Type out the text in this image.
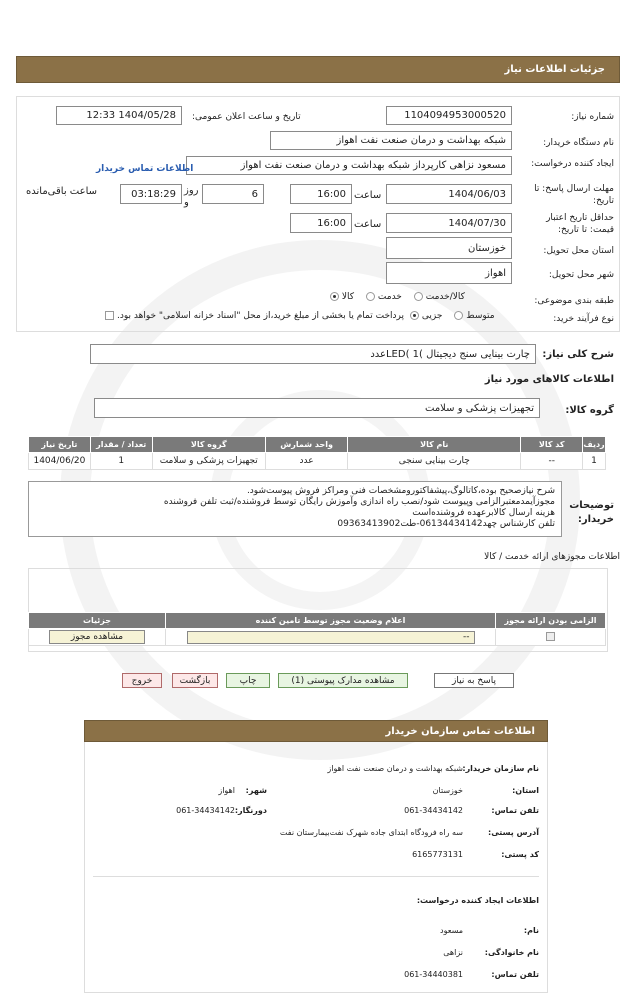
جزئیات اطلاعات نیاز
شماره نیاز:
1104094953000520
تاریخ و ساعت اعلان عمومی:
1404/05/28 12:33
نام دستگاه خریدار:
شبکه بهداشت و درمان صنعت نفت اهواز
ایجاد کننده درخواست:
مسعود نزاهی کارپرداز شبکه بهداشت و درمان صنعت نفت اهواز
اطلاعات تماس خریدار
مهلت ارسال پاسخ: تا تاریخ:
1404/06/03
ساعت
16:00
6
روز
و
03:18:29
ساعت باقی‌مانده
حداقل تاریخ اعتبار قیمت: تا تاریخ:
1404/07/30
ساعت
16:00
استان محل تحویل:
خوزستان
شهر محل تحویل:
اهواز
طبقه بندی موضوعی:
کالا/خدمت
خدمت
کالا
نوع فرآیند خرید:
متوسط
جزیی
پرداخت تمام یا بخشی از مبلغ خرید،از محل "اسناد خزانه اسلامی" خواهد بود.
شرح کلی نیاز:
چارت بینایی سنج دیجیتال )LED( 1عدد
اطلاعات کالاهای مورد نیاز
گروه کالا:
تجهیزات پزشکی و سلامت
ردیف	کد کالا	نام کالا	واحد شمارش	گروه کالا	تعداد / مقدار	تاریخ نیاز
1	--	چارت بینایی سنجی	عدد	تجهیزات پزشکی و سلامت	1	1404/06/20
توضیحات خریدار:
شرح نیازصحیح بوده،کاتالوگ،پیشفاکتورومشخصات فنی ومراکز فروش پیوست‌شود.
مجوزآیمدمعتبرالزامی وپیوست شود/نصب راه اندازی وآموزش رایگان توسط فروشنده/ثبت تلفن فروشنده
هزینه ارسال کالابرعهده فروشنده‌است
تلفن کارشناس چهد06134434142-طت09363413902
اطلاعات مجوزهای ارائه خدمت / کالا
الزامی بودن ارائه مجوز	اعلام وضعیت مجوز توسط تامین کننده	جزئیات

	--	مشاهده مجوز
پاسخ به نیاز
مشاهده مدارک پیوستی (1)
چاپ
بازگشت
خروج
اطلاعات تماس سازمان خریدار
نام سازمان خریدار:
شبکه بهداشت و درمان صنعت نفت اهواز
استان:
خوزستان
شهر:
اهواز
تلفن تماس:
061-34434142
دورنگار:
061-34434142
آدرس پستی:
سه راه فرودگاه ابتدای جاده شهرک نفت‌بیمارستان نفت
کد پستی:
6165773131
اطلاعات ایجاد کننده درخواست:
نام:
مسعود
نام خانوادگی:
نزاهی
تلفن تماس:
061-34440381
